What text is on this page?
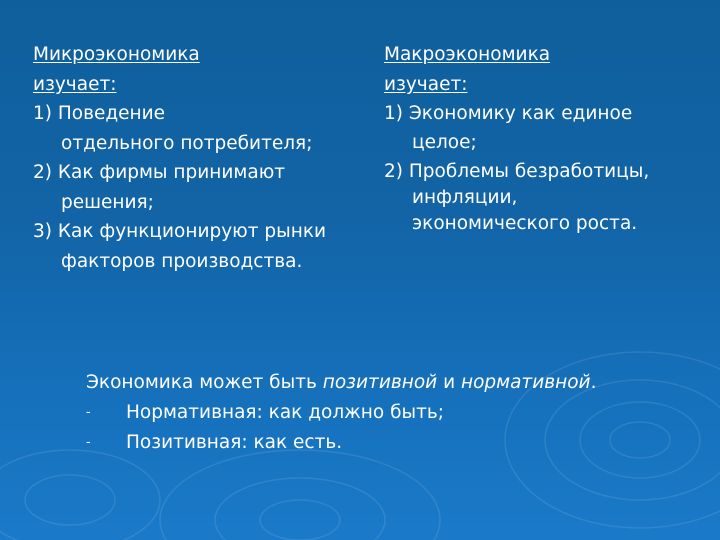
Микроэкономика
изучает:
1) Поведение
отдельного потребителя;
2) Как фирмы принимают
решения;
3) Как функционируют рынки
факторов производства.
Макроэкономика
изучает:
1) Экономику как единое
целое;
2) Проблемы безработицы,
инфляции,
экономического роста.
Экономика может быть позитивной и нормативной.
- Нормативная: как должно быть;
- Позитивная: как есть.
